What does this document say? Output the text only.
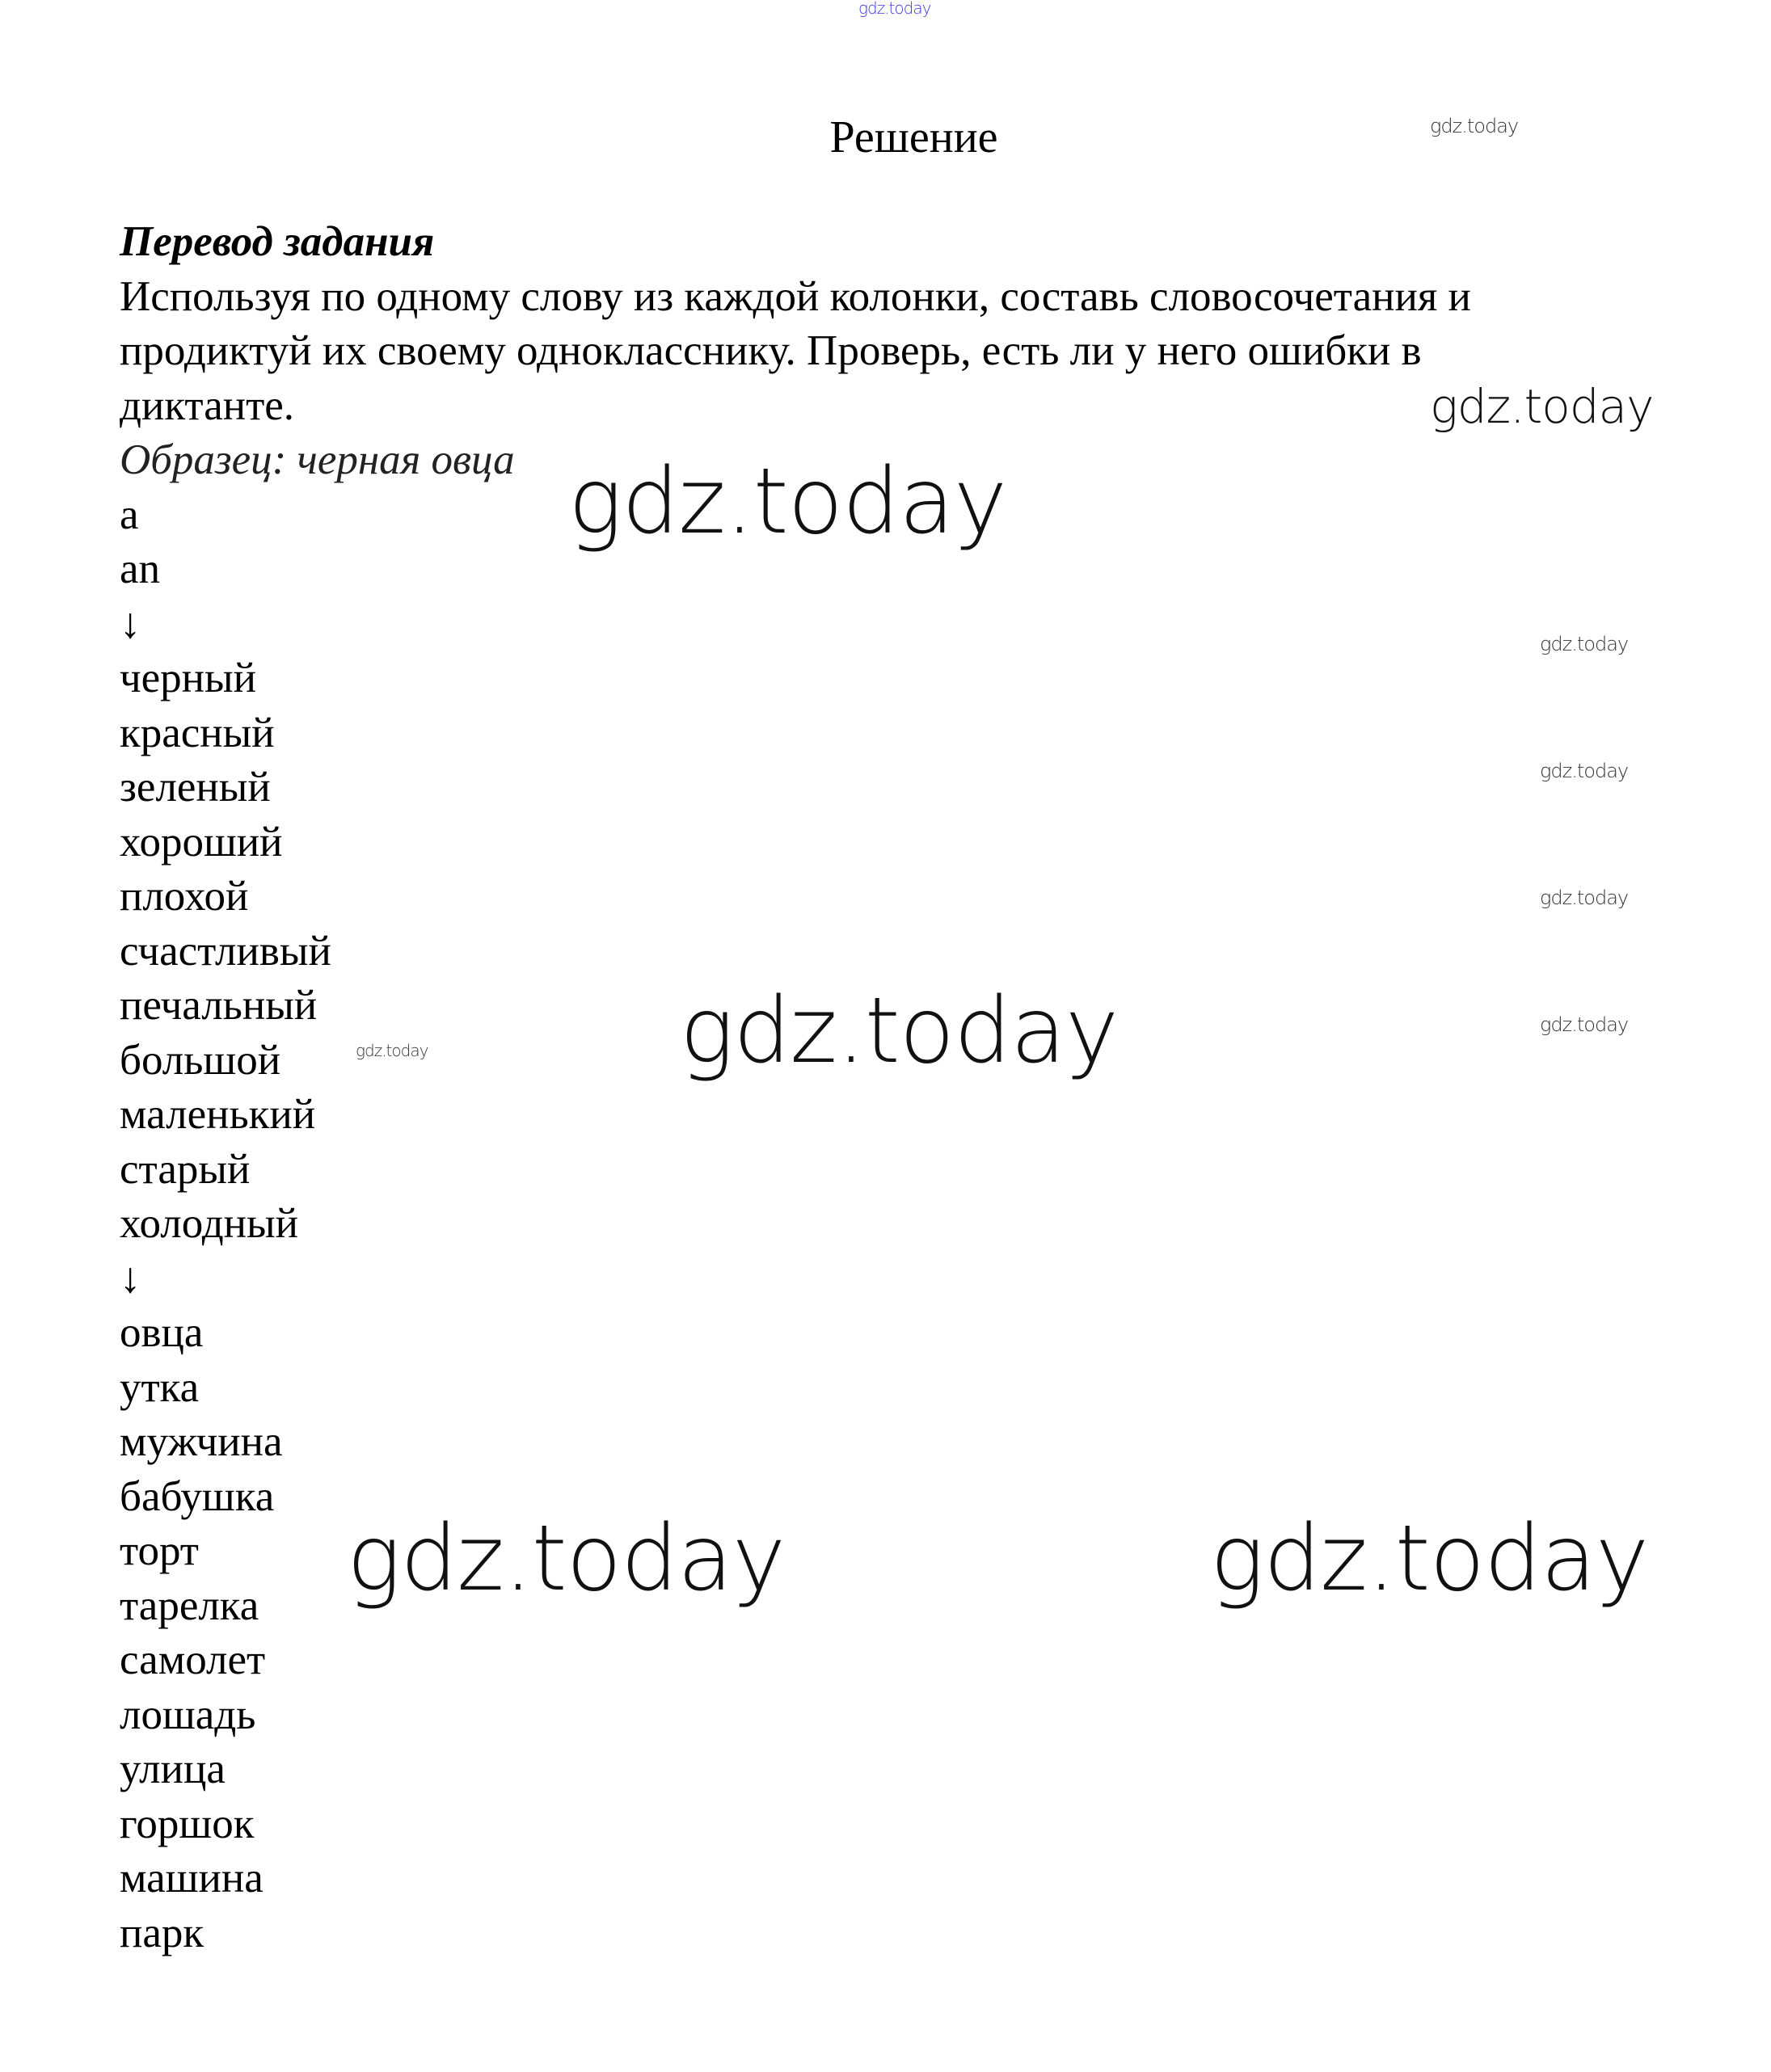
gdz.today
gdz.today
gdz.today
gdz.today
gdz.today
gdz.today
gdz.today
gdz.today
gdz.today	gdz.today
gdz.today	gdz.today
Решение
Перевод задания
Используя по одному слову из каждой колонки, составь словосочетания и
продиктуй их своему однокласснику. Проверь, есть ли у него ошибки в
диктанте.
Образец: черная овца
a
an
↓
черный
красный
зеленый
хороший
плохой
счастливый
печальный
большой
маленький
старый
холодный
↓
овца
утка
мужчина
бабушка
торт
тарелка
самолет
лошадь
улица
горшок
машина
парк
